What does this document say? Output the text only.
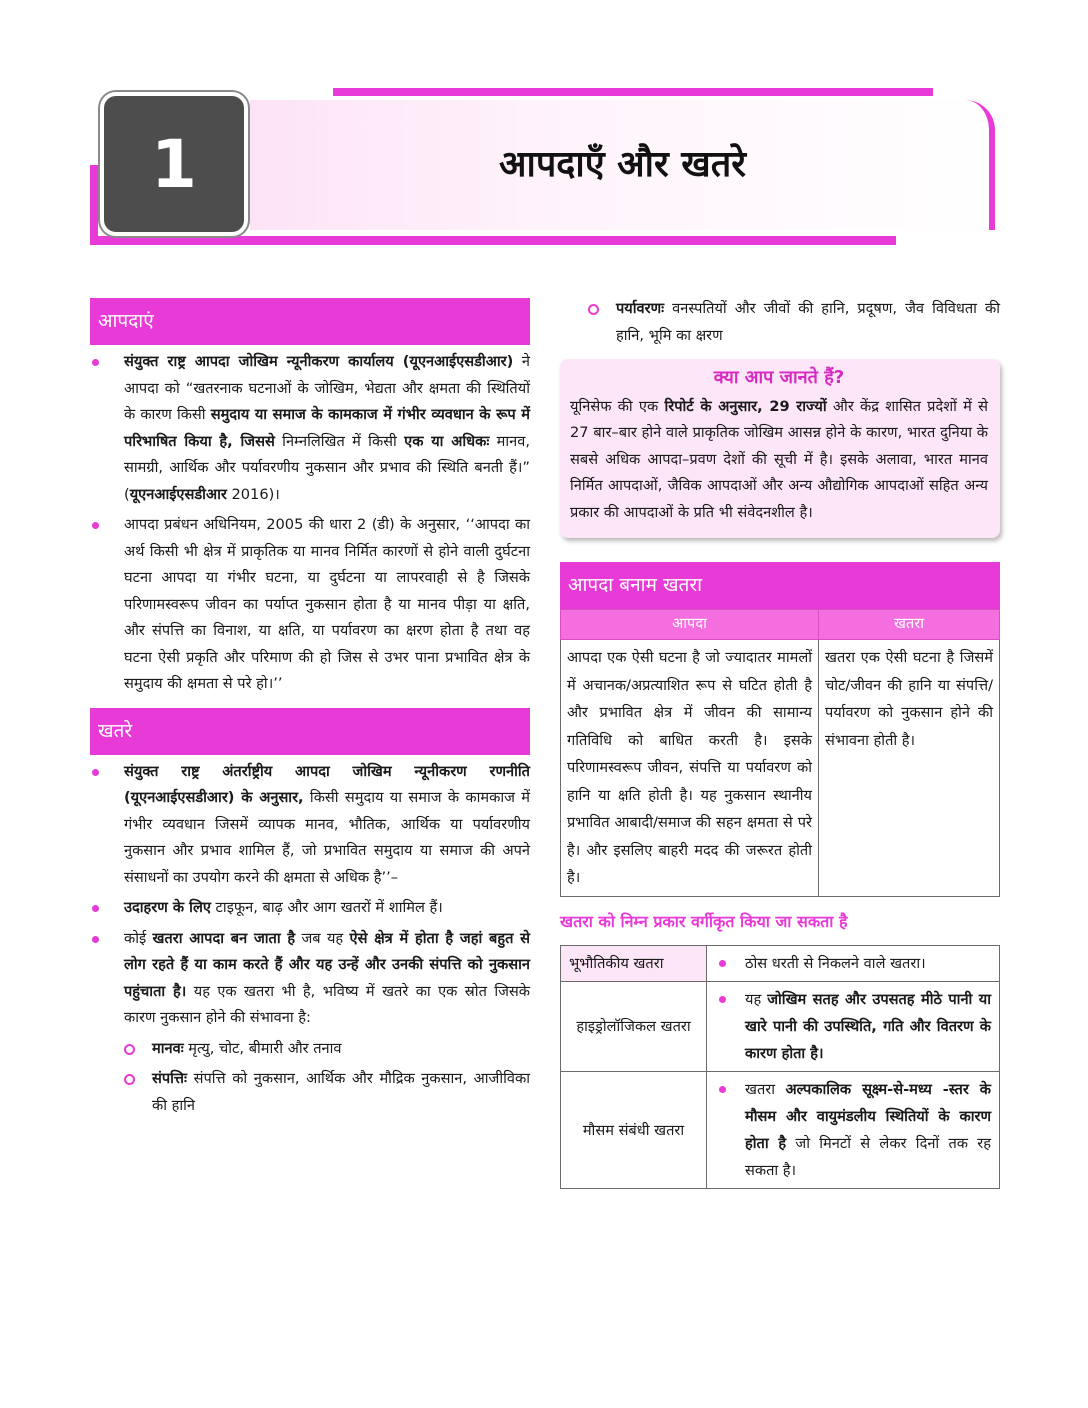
1	आपदाएँ और खतरे
आपदाएं
संयुक्त राष्ट्र आपदा जोखिम न्यूनीकरण कार्यालय (यूएनआईएसडीआर) ने आपदा को “खतरनाक घटनाओं के जोखिम, भेद्यता और क्षमता की स्थितियों के कारण किसी समुदाय या समाज के कामकाज में गंभीर व्यवधान के रूप में परिभाषित किया है, जिससे निम्नलिखित में किसी एक या अधिकः मानव, सामग्री, आर्थिक और पर्यावरणीय नुकसान और प्रभाव की स्थिति बनती हैं।” (यूएनआईएसडीआर 2016)।
आपदा प्रबंधन अधिनियम, 2005 की धारा 2 (डी) के अनुसार, ‘‘आपदा का अर्थ किसी भी क्षेत्र में प्राकृतिक या मानव निर्मित कारणों से होने वाली दुर्घटना घटना आपदा या गंभीर घटना, या दुर्घटना या लापरवाही से है जिसके परिणामस्वरूप जीवन का पर्याप्त नुकसान होता है या मानव पीड़ा या क्षति, और संपत्ति का विनाश, या क्षति, या पर्यावरण का क्षरण होता है तथा वह घटना ऐसी प्रकृति और परिमाण की हो जिस से उभर पाना प्रभावित क्षेत्र के समुदाय की क्षमता से परे हो।’’
खतरे
संयुक्त राष्ट्र अंतर्राष्ट्रीय आपदा जोखिम न्यूनीकरण रणनीति (यूएनआईएसडीआर) के अनुसार, किसी समुदाय या समाज के कामकाज में गंभीर व्यवधान जिसमें व्यापक मानव, भौतिक, आर्थिक या पर्यावरणीय नुकसान और प्रभाव शामिल हैं, जो प्रभावित समुदाय या समाज की अपने संसाधनों का उपयोग करने की क्षमता से अधिक है’’–
उदाहरण के लिए टाइफून, बाढ़ और आग खतरों में शामिल हैं।
कोई खतरा आपदा बन जाता है जब यह ऐसे क्षेत्र में होता है जहां बहुत से लोग रहते हैं या काम करते हैं और यह उन्हें और उनकी संपत्ति को नुकसान पहुंचाता है। यह एक खतरा भी है, भविष्य में खतरे का एक स्रोत जिसके कारण नुकसान होने की संभावना है:
मानवः मृत्यु, चोट, बीमारी और तनाव
संपत्तिः संपत्ति को नुकसान, आर्थिक और मौद्रिक नुकसान, आजीविका की हानि
पर्यावरणः वनस्पतियों और जीवों की हानि, प्रदूषण, जैव विविधता की हानि, भूमि का क्षरण
क्या आप जानते हैं?
यूनिसेफ की एक रिपोर्ट के अनुसार, 29 राज्यों और केंद्र शासित प्रदेशों में से 27 बार–बार होने वाले प्राकृतिक जोखिम आसन्न होने के कारण, भारत दुनिया के सबसे अधिक आपदा–प्रवण देशों की सूची में है। इसके अलावा, भारत मानव निर्मित आपदाओं, जैविक आपदाओं और अन्य औद्योगिक आपदाओं सहित अन्य प्रकार की आपदाओं के प्रति भी संवेदनशील है।
आपदा बनाम खतरा
आपदा	खतरा
आपदा एक ऐसी घटना है जो ज्यादातर मामलों में अचानक/अप्रत्याशित रूप से घटित होती है और प्रभावित क्षेत्र में जीवन की सामान्य गतिविधि को बाधित करती है। इसके परिणामस्वरूप जीवन, संपत्ति या पर्यावरण को हानि या क्षति होती है। यह नुकसान स्थानीय प्रभावित आबादी/समाज की सहन क्षमता से परे है। और इसलिए बाहरी मदद की जरूरत होती है।	खतरा एक ऐसी घटना है जिसमें चोट/जीवन की हानि या संपत्ति/पर्यावरण को नुकसान होने की संभावना होती है।
खतरा को निम्न प्रकार वर्गीकृत किया जा सकता है
भूभौतिकीय खतरा	ठोस धरती से निकलने वाले खतरा।
हाइड्रोलॉजिकल खतरा	यह जोखिम सतह और उपसतह मीठे पानी या खारे पानी की उपस्थिति, गति और वितरण के कारण होता है।
मौसम संबंधी खतरा	खतरा अल्पकालिक सूक्ष्म-से-मध्य -स्तर के मौसम और वायुमंडलीय स्थितियों के कारण होता है जो मिनटों से लेकर दिनों तक रह सकता है।
